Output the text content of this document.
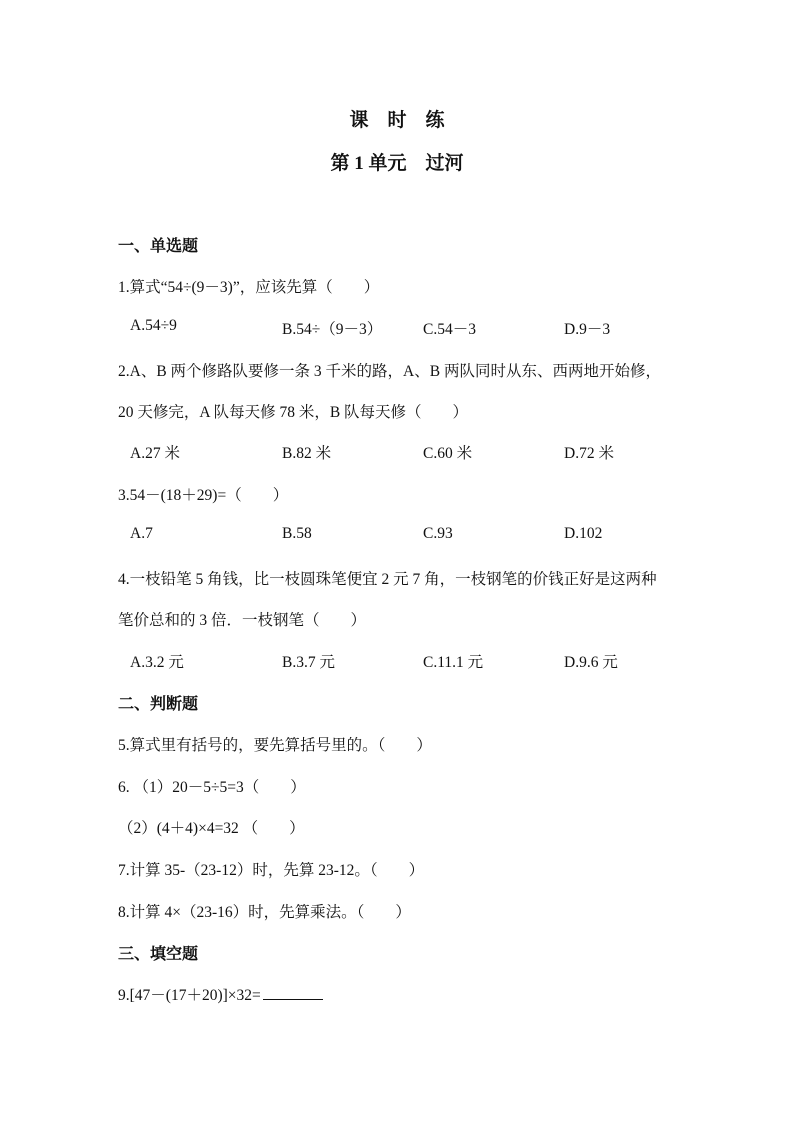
课　时　练
第 1 单元　过河
一、单选题
1.算式“54÷(9－3)”，应该先算（　　）
A.54÷9	B.54÷（9－3）	C.54－3	D.9－3
2.A、B 两个修路队要修一条 3 千米的路，A、B 两队同时从东、西两地开始修，
20 天修完，A 队每天修 78 米，B 队每天修（　　）
A.27 米	B.82 米	C.60 米	D.72 米
3.54－(18＋29)=（　　）
A.7	B.58	C.93	D.102
4.一枝铅笔 5 角钱，比一枝圆珠笔便宜 2 元 7 角，一枝钢笔的价钱正好是这两种
笔价总和的 3 倍．一枝钢笔（　　）
A.3.2 元	B.3.7 元	C.11.1 元	D.9.6 元
二、判断题
5.算式里有括号的，要先算括号里的。（　　）
6. （1）20－5÷5=3（　　）
（2）(4＋4)×4=32 （　　）
7.计算 35-（23-12）时，先算 23-12。（　　）
8.计算 4×（23-16）时，先算乘法。（　　）
三、填空题
9.[47－(17＋20)]×32=
